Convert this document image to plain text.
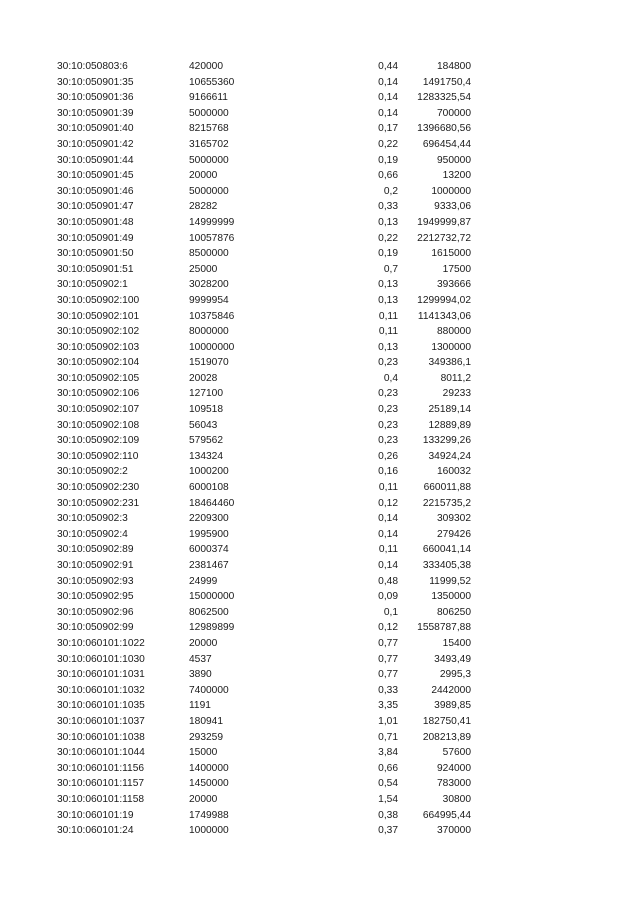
30:10:050803:6	420000	0,44	184800
30:10:050901:35	10655360	0,14	1491750,4
30:10:050901:36	9166611	0,14	1283325,54
30:10:050901:39	5000000	0,14	700000
30:10:050901:40	8215768	0,17	1396680,56
30:10:050901:42	3165702	0,22	696454,44
30:10:050901:44	5000000	0,19	950000
30:10:050901:45	20000	0,66	13200
30:10:050901:46	5000000	0,2	1000000
30:10:050901:47	28282	0,33	9333,06
30:10:050901:48	14999999	0,13	1949999,87
30:10:050901:49	10057876	0,22	2212732,72
30:10:050901:50	8500000	0,19	1615000
30:10:050901:51	25000	0,7	17500
30:10:050902:1	3028200	0,13	393666
30:10:050902:100	9999954	0,13	1299994,02
30:10:050902:101	10375846	0,11	1141343,06
30:10:050902:102	8000000	0,11	880000
30:10:050902:103	10000000	0,13	1300000
30:10:050902:104	1519070	0,23	349386,1
30:10:050902:105	20028	0,4	8011,2
30:10:050902:106	127100	0,23	29233
30:10:050902:107	109518	0,23	25189,14
30:10:050902:108	56043	0,23	12889,89
30:10:050902:109	579562	0,23	133299,26
30:10:050902:110	134324	0,26	34924,24
30:10:050902:2	1000200	0,16	160032
30:10:050902:230	6000108	0,11	660011,88
30:10:050902:231	18464460	0,12	2215735,2
30:10:050902:3	2209300	0,14	309302
30:10:050902:4	1995900	0,14	279426
30:10:050902:89	6000374	0,11	660041,14
30:10:050902:91	2381467	0,14	333405,38
30:10:050902:93	24999	0,48	11999,52
30:10:050902:95	15000000	0,09	1350000
30:10:050902:96	8062500	0,1	806250
30:10:050902:99	12989899	0,12	1558787,88
30:10:060101:1022	20000	0,77	15400
30:10:060101:1030	4537	0,77	3493,49
30:10:060101:1031	3890	0,77	2995,3
30:10:060101:1032	7400000	0,33	2442000
30:10:060101:1035	1191	3,35	3989,85
30:10:060101:1037	180941	1,01	182750,41
30:10:060101:1038	293259	0,71	208213,89
30:10:060101:1044	15000	3,84	57600
30:10:060101:1156	1400000	0,66	924000
30:10:060101:1157	1450000	0,54	783000
30:10:060101:1158	20000	1,54	30800
30:10:060101:19	1749988	0,38	664995,44
30:10:060101:24	1000000	0,37	370000
